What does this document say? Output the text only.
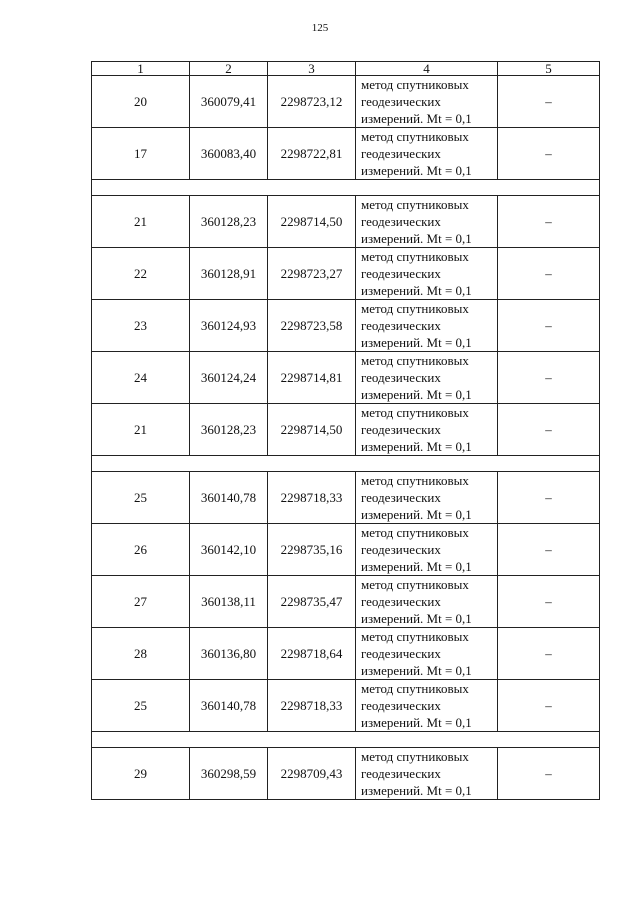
125
1	2	3	4	5
20	360079,41	2298723,12	метод спутниковых
геодезических
измерений. Mt = 0,1	–
17	360083,40	2298722,81	метод спутниковых
геодезических
измерений. Mt = 0,1	–

21	360128,23	2298714,50	метод спутниковых
геодезических
измерений. Mt = 0,1	–
22	360128,91	2298723,27	метод спутниковых
геодезических
измерений. Mt = 0,1	–
23	360124,93	2298723,58	метод спутниковых
геодезических
измерений. Mt = 0,1	–
24	360124,24	2298714,81	метод спутниковых
геодезических
измерений. Mt = 0,1	–
21	360128,23	2298714,50	метод спутниковых
геодезических
измерений. Mt = 0,1	–

25	360140,78	2298718,33	метод спутниковых
геодезических
измерений. Mt = 0,1	–
26	360142,10	2298735,16	метод спутниковых
геодезических
измерений. Mt = 0,1	–
27	360138,11	2298735,47	метод спутниковых
геодезических
измерений. Mt = 0,1	–
28	360136,80	2298718,64	метод спутниковых
геодезических
измерений. Mt = 0,1	–
25	360140,78	2298718,33	метод спутниковых
геодезических
измерений. Mt = 0,1	–

29	360298,59	2298709,43	метод спутниковых
геодезических
измерений. Mt = 0,1	–
